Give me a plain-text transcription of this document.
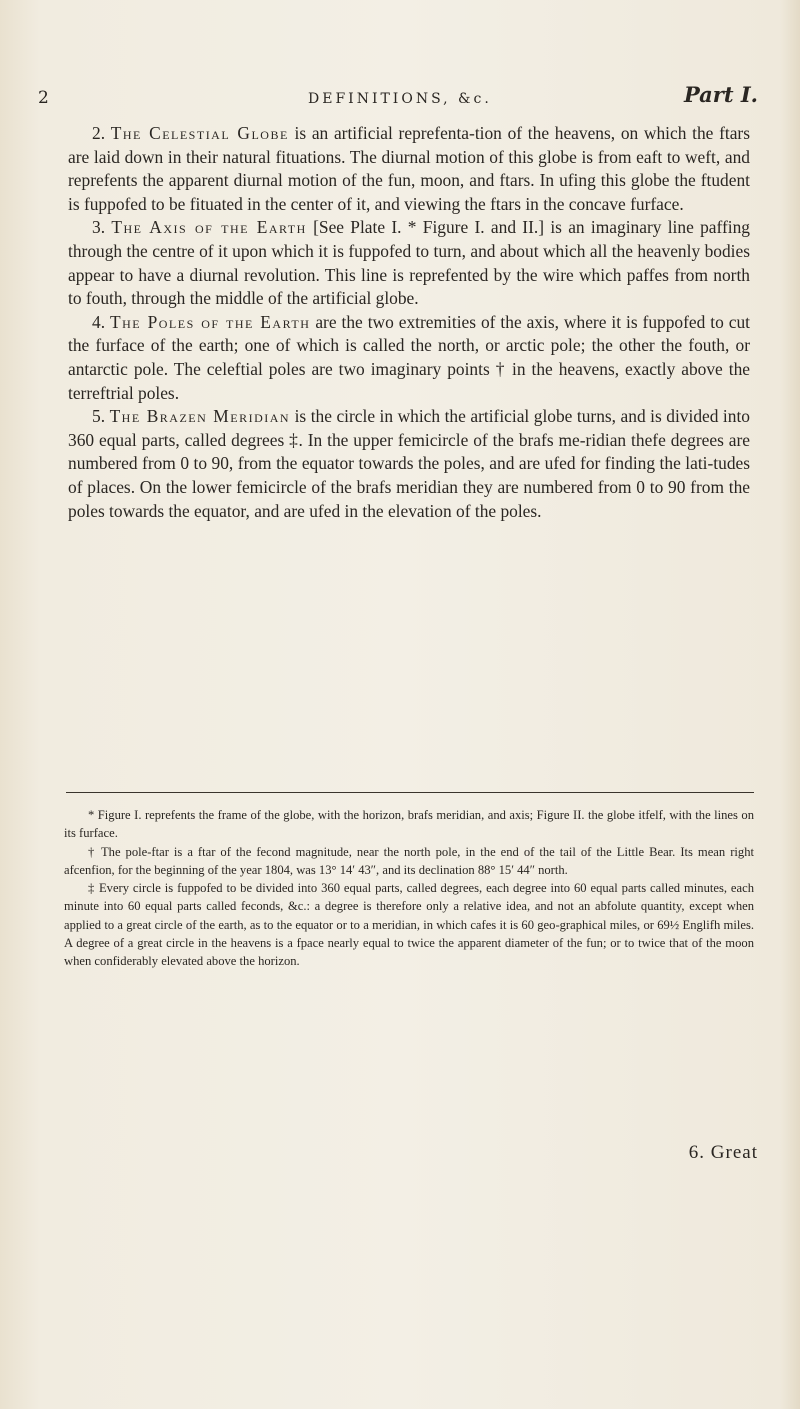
2	DEFINITIONS, &c.	Part I.

2. The Celestial Globe is an artificial reprefenta-tion of the heavens, on which the ftars are laid down in their natural fituations. The diurnal motion of this globe is from eaft to weft, and reprefents the apparent diurnal motion of the fun, moon, and ftars. In ufing this globe the ftudent is fuppofed to be fituated in the center of it, and viewing the ftars in the concave furface.

3. The Axis of the Earth [See Plate I. * Figure I. and II.] is an imaginary line paffing through the centre of it upon which it is fuppofed to turn, and about which all the heavenly bodies appear to have a diurnal revolution. This line is reprefented by the wire which paffes from north to fouth, through the middle of the artificial globe.

4. The Poles of the Earth are the two extremities of the axis, where it is fuppofed to cut the furface of the earth; one of which is called the north, or arctic pole; the other the fouth, or antarctic pole. The celeftial poles are two imaginary points † in the heavens, exactly above the terreftrial poles.

5. The Brazen Meridian is the circle in which the artificial globe turns, and is divided into 360 equal parts, called degrees ‡. In the upper femicircle of the brafs me-ridian thefe degrees are numbered from 0 to 90, from the equator towards the poles, and are ufed for finding the lati-tudes of places. On the lower femicircle of the brafs meridian they are numbered from 0 to 90 from the poles towards the equator, and are ufed in the elevation of the poles.

* Figure I. reprefents the frame of the globe, with the horizon, brafs meridian, and axis; Figure II. the globe itfelf, with the lines on its furface.

† The pole-ftar is a ftar of the fecond magnitude, near the north pole, in the end of the tail of the Little Bear. Its mean right afcenfion, for the beginning of the year 1804, was 13° 14′ 43″, and its declination 88° 15′ 44″ north.

‡ Every circle is fuppofed to be divided into 360 equal parts, called degrees, each degree into 60 equal parts called minutes, each minute into 60 equal parts called feconds, &c.: a degree is therefore only a relative idea, and not an abfolute quantity, except when applied to a great circle of the earth, as to the equator or to a meridian, in which cafes it is 60 geo-graphical miles, or 69½ Englifh miles. A degree of a great circle in the heavens is a fpace nearly equal to twice the apparent diameter of the fun; or to twice that of the moon when confiderably elevated above the horizon.

6. Great
